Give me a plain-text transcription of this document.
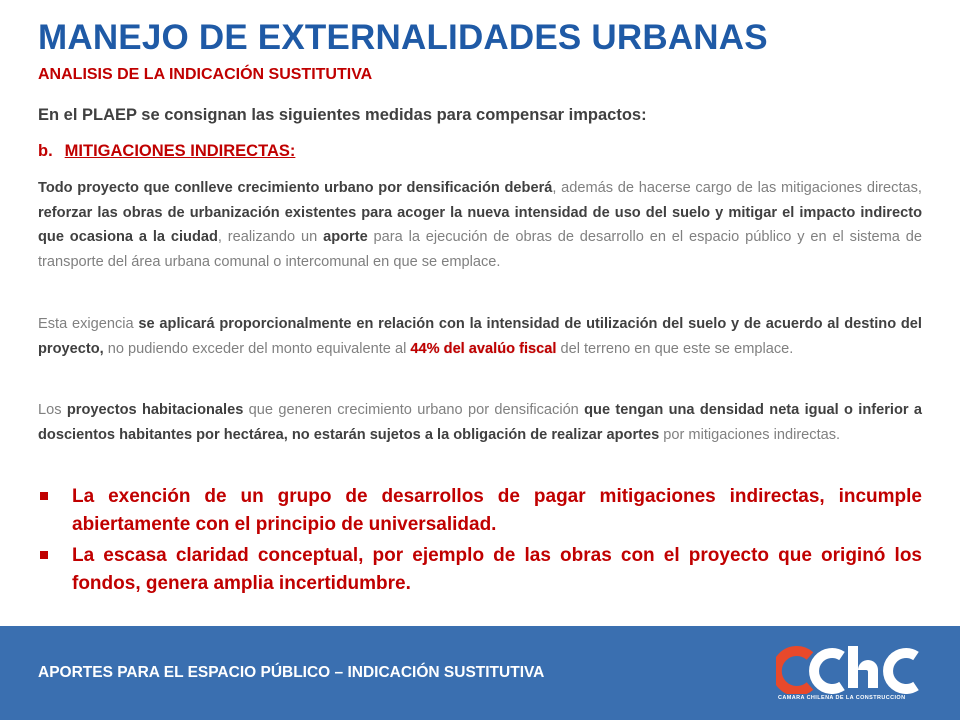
MANEJO DE EXTERNALIDADES URBANAS
ANALISIS DE LA INDICACIÓN SUSTITUTIVA
En el PLAEP se consignan las siguientes medidas para compensar impactos:
b. MITIGACIONES INDIRECTAS:
Todo proyecto que conlleve crecimiento urbano por densificación deberá, además de hacerse cargo de las mitigaciones directas, reforzar las obras de urbanización existentes para acoger la nueva intensidad de uso del suelo y mitigar el impacto indirecto que ocasiona a la ciudad, realizando un aporte para la ejecución de obras de desarrollo en el espacio público y en el sistema de transporte del área urbana comunal o intercomunal en que se emplace.
Esta exigencia se aplicará proporcionalmente en relación con la intensidad de utilización del suelo y de acuerdo al destino del proyecto, no pudiendo exceder del monto equivalente al 44% del avalúo fiscal del terreno en que este se emplace.
Los proyectos habitacionales que generen crecimiento urbano por densificación que tengan una densidad neta igual o inferior a doscientos habitantes por hectárea, no estarán sujetos a la obligación de realizar aportes por mitigaciones indirectas.
La exención de un grupo de desarrollos de pagar mitigaciones indirectas, incumple abiertamente con el principio de universalidad.
La escasa claridad conceptual, por ejemplo de las obras con el proyecto que originó los fondos, genera amplia incertidumbre.
APORTES PARA EL ESPACIO PÚBLICO – INDICACIÓN SUSTITUTIVA
CAMARA CHILENA DE LA CONSTRUCCION
